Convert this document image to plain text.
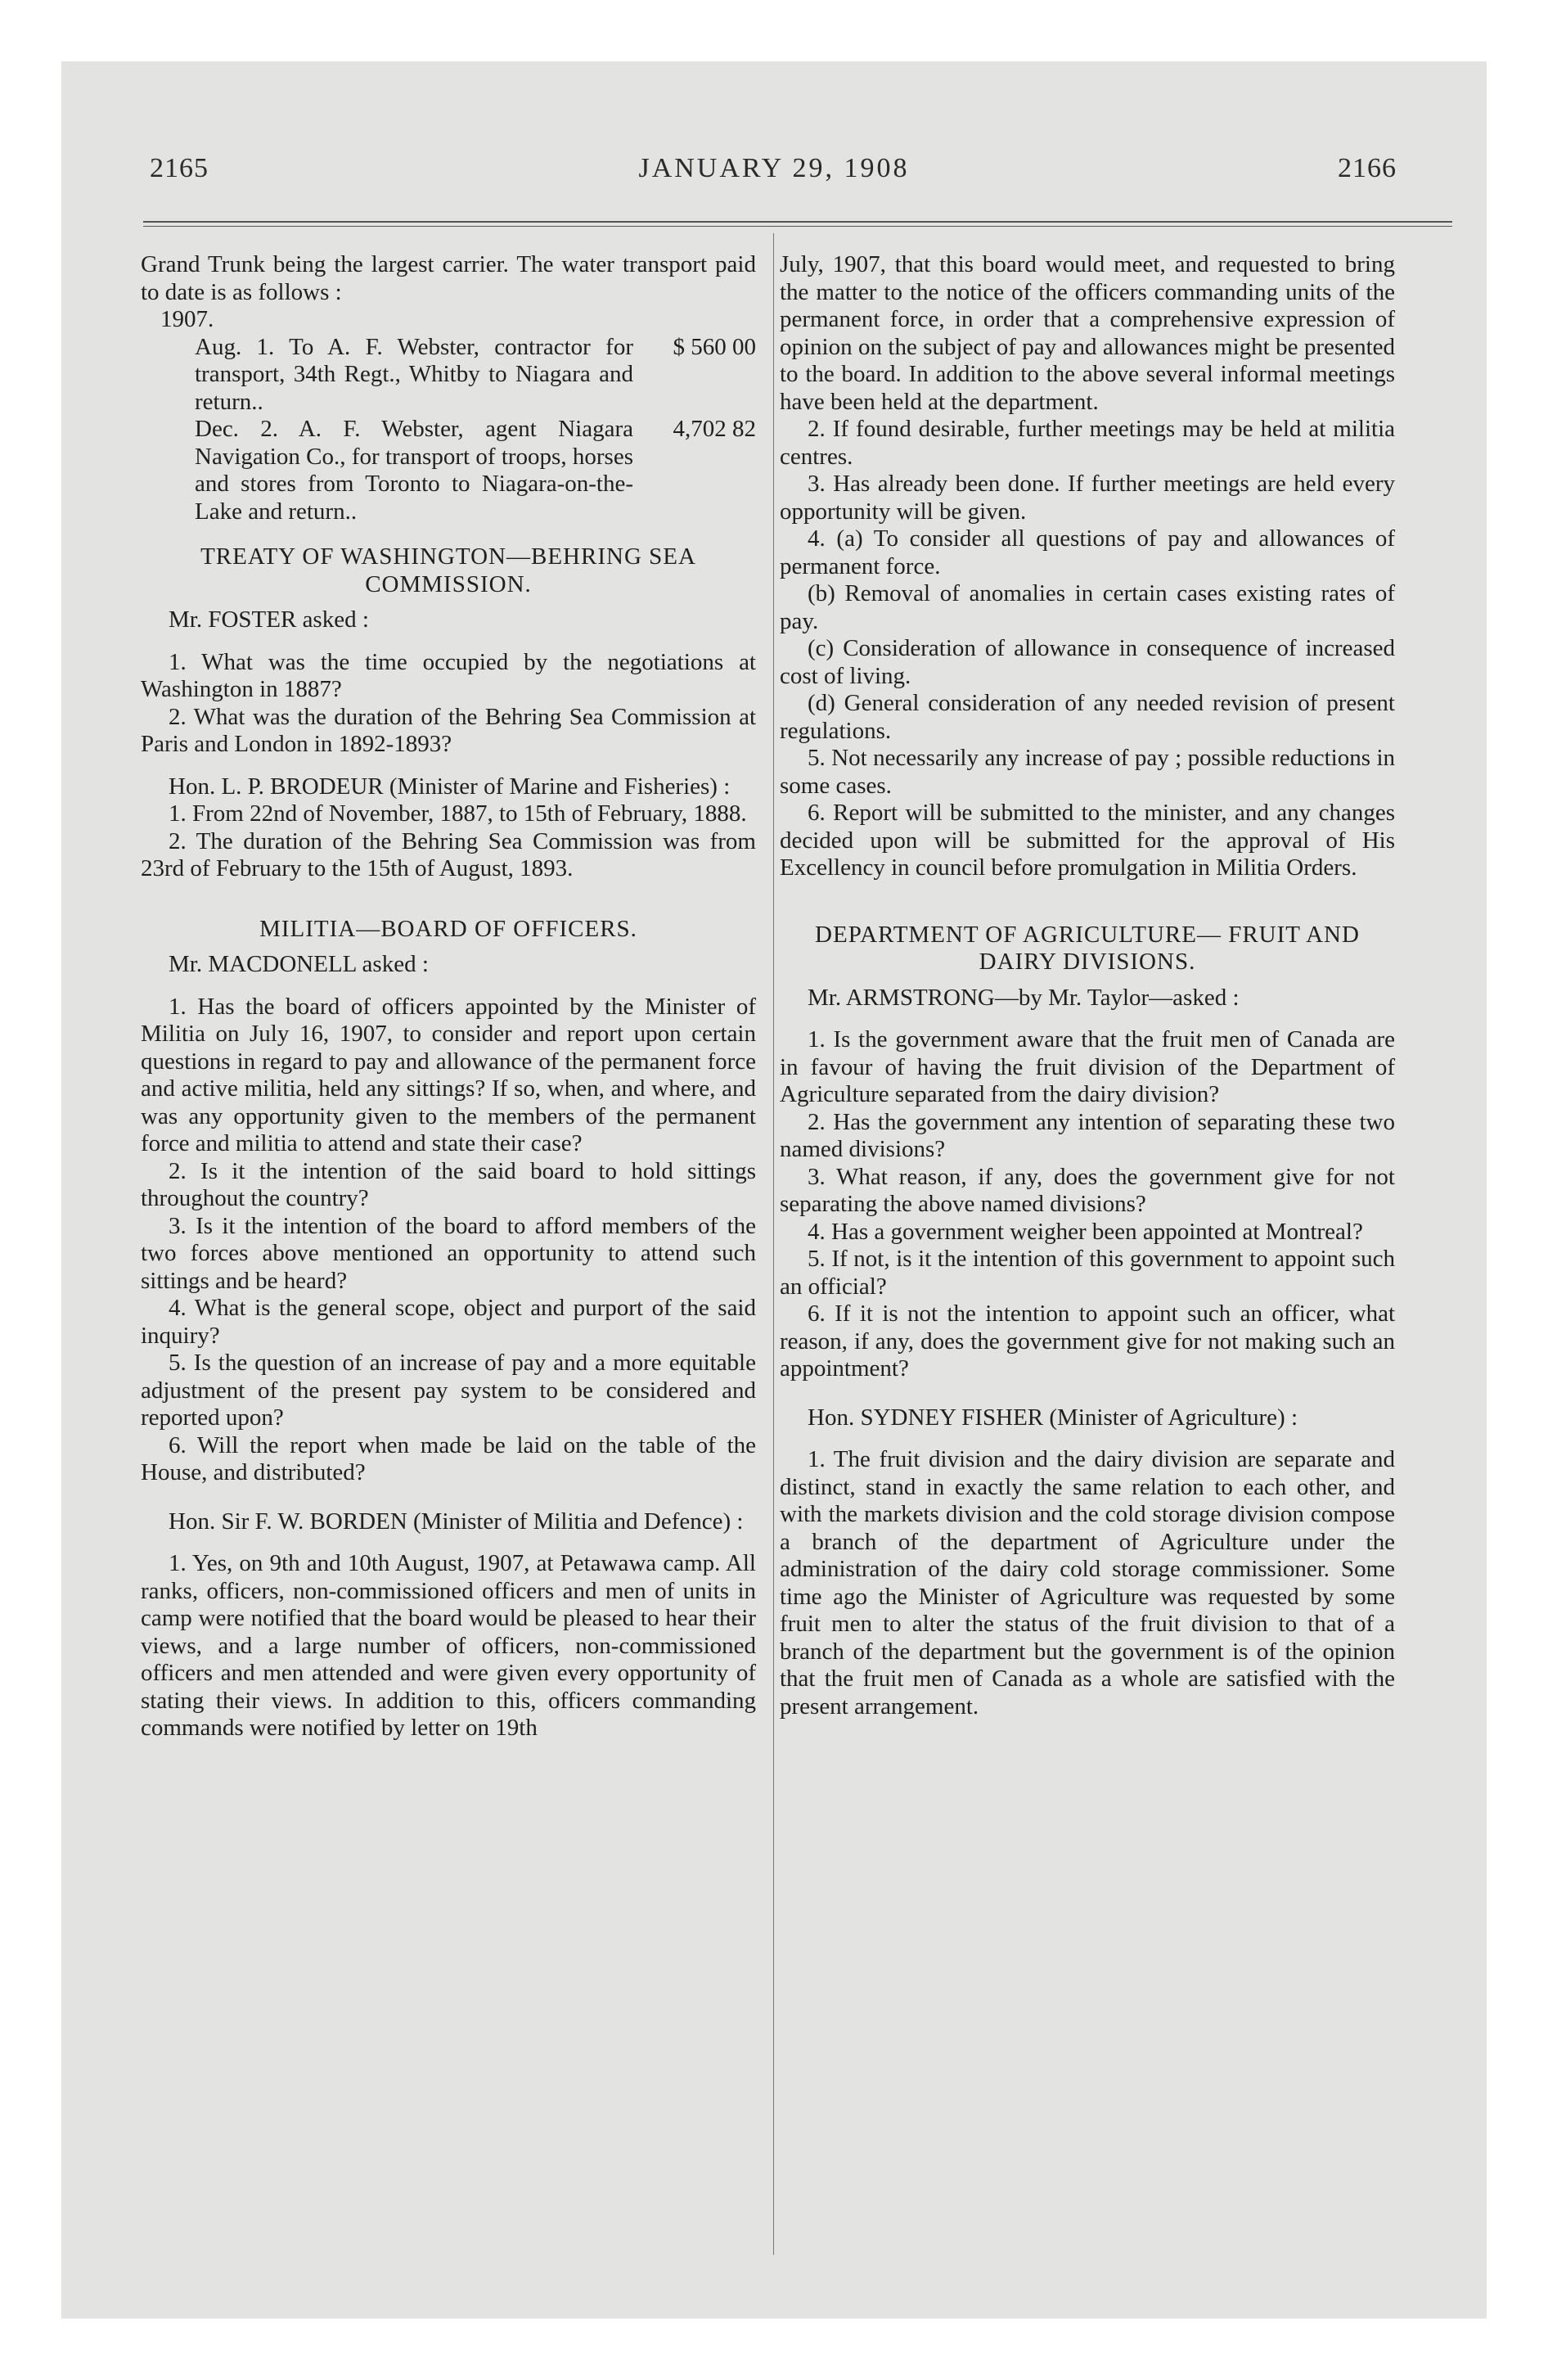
2165	JANUARY 29, 1908	2166

Grand Trunk being the largest carrier. The water transport paid to date is as follows :

1907.

Aug. 1. To A. F. Webster, contractor for transport, 34th Regt., Whitby to Niagara and return..
$ 560 00

Dec. 2. A. F. Webster, agent Niagara Navigation Co., for transport of troops, horses and stores from Toronto to Niagara-on-the-Lake and return..
4,702 82

TREATY OF WASHINGTON—BEHRING SEA COMMISSION.

Mr. FOSTER asked :

1. What was the time occupied by the negotiations at Washington in 1887?

2. What was the duration of the Behring Sea Commission at Paris and London in 1892-1893?

Hon. L. P. BRODEUR (Minister of Marine and Fisheries) :

1. From 22nd of November, 1887, to 15th of February, 1888.

2. The duration of the Behring Sea Commission was from 23rd of February to the 15th of August, 1893.

MILITIA—BOARD OF OFFICERS.

Mr. MACDONELL asked :

1. Has the board of officers appointed by the Minister of Militia on July 16, 1907, to consider and report upon certain questions in regard to pay and allowance of the permanent force and active militia, held any sittings? If so, when, and where, and was any opportunity given to the members of the permanent force and militia to attend and state their case?

2. Is it the intention of the said board to hold sittings throughout the country?

3. Is it the intention of the board to afford members of the two forces above mentioned an opportunity to attend such sittings and be heard?

4. What is the general scope, object and purport of the said inquiry?

5. Is the question of an increase of pay and a more equitable adjustment of the present pay system to be considered and reported upon?

6. Will the report when made be laid on the table of the House, and distributed?

Hon. Sir F. W. BORDEN (Minister of Militia and Defence) :

1. Yes, on 9th and 10th August, 1907, at Petawawa camp. All ranks, officers, non-commissioned officers and men of units in camp were notified that the board would be pleased to hear their views, and a large number of officers, non-commissioned officers and men attended and were given every opportunity of stating their views. In addition to this, officers commanding commands were notified by letter on 19th

July, 1907, that this board would meet, and requested to bring the matter to the notice of the officers commanding units of the permanent force, in order that a comprehensive expression of opinion on the subject of pay and allowances might be presented to the board. In addition to the above several informal meetings have been held at the department.

2. If found desirable, further meetings may be held at militia centres.

3. Has already been done. If further meetings are held every opportunity will be given.

4. (a) To consider all questions of pay and allowances of permanent force.

(b) Removal of anomalies in certain cases existing rates of pay.

(c) Consideration of allowance in consequence of increased cost of living.

(d) General consideration of any needed revision of present regulations.

5. Not necessarily any increase of pay ; possible reductions in some cases.

6. Report will be submitted to the minister, and any changes decided upon will be submitted for the approval of His Excellency in council before promulgation in Militia Orders.

DEPARTMENT OF AGRICULTURE— FRUIT AND DAIRY DIVISIONS.

Mr. ARMSTRONG—by Mr. Taylor—asked :

1. Is the government aware that the fruit men of Canada are in favour of having the fruit division of the Department of Agriculture separated from the dairy division?

2. Has the government any intention of separating these two named divisions?

3. What reason, if any, does the government give for not separating the above named divisions?

4. Has a government weigher been appointed at Montreal?

5. If not, is it the intention of this government to appoint such an official?

6. If it is not the intention to appoint such an officer, what reason, if any, does the government give for not making such an appointment?

Hon. SYDNEY FISHER (Minister of Agriculture) :

1. The fruit division and the dairy division are separate and distinct, stand in exactly the same relation to each other, and with the markets division and the cold storage division compose a branch of the department of Agriculture under the administration of the dairy cold storage commissioner. Some time ago the Minister of Agriculture was requested by some fruit men to alter the status of the fruit division to that of a branch of the department but the government is of the opinion that the fruit men of Canada as a whole are satisfied with the present arrangement.
